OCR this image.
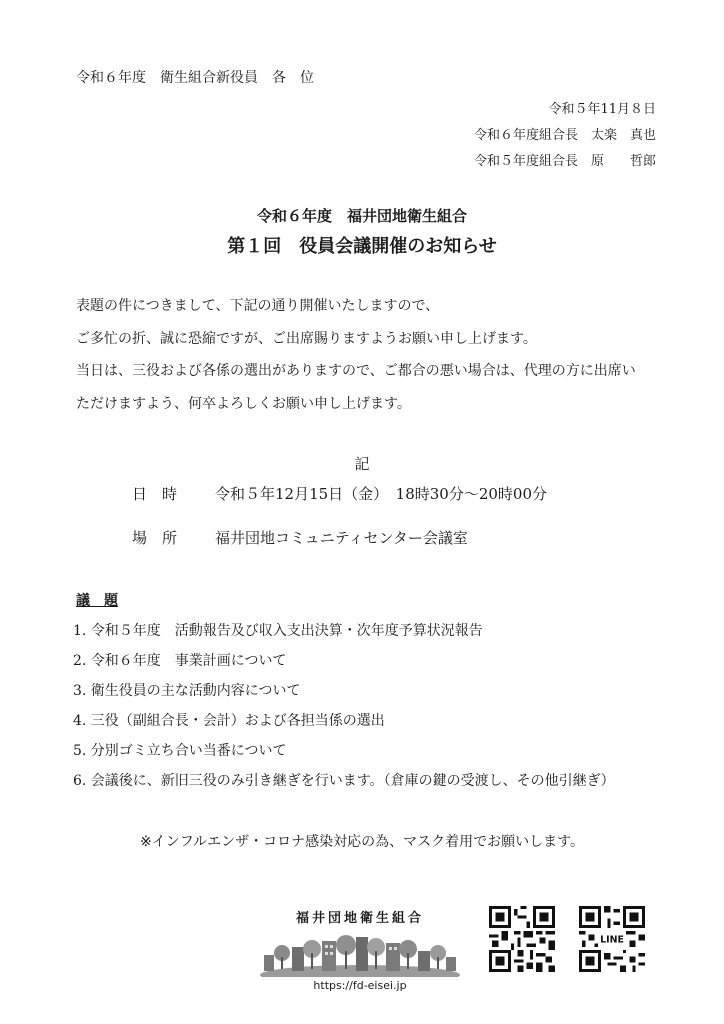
令和６年度　衛生組合新役員　各　位
令和５年11月８日
令和６年度組合長　太楽　真也
令和５年度組合長　原　　哲郎
令和６年度　福井団地衛生組合
第１回　役員会議開催のお知らせ
表題の件につきまして、下記の通り開催いたしますので、
ご多忙の折、誠に恐縮ですが、ご出席賜りますようお願い申し上げます。
当日は、三役および各係の選出がありますので、ご都合の悪い場合は、代理の方に出席い
ただけますよう、何卒よろしくお願い申し上げます。
記
日　時	令和５年12月15日（金）　18時30分～20時00分
場　所	福井団地コミュニティセンター会議室
議　題
1. 令和５年度　活動報告及び収入支出決算・次年度予算状況報告
2. 令和６年度　事業計画について
3. 衛生役員の主な活動内容について
4. 三役（副組合長・会計）および各担当係の選出
5. 分別ゴミ立ち合い当番について
6. 会議後に、新旧三役のみ引き継ぎを行います。（倉庫の鍵の受渡し、その他引継ぎ）
※インフルエンザ・コロナ感染対応の為、マスク着用でお願いします。
福井団地衛生組合
https://fd-eisei.jp
LINE
